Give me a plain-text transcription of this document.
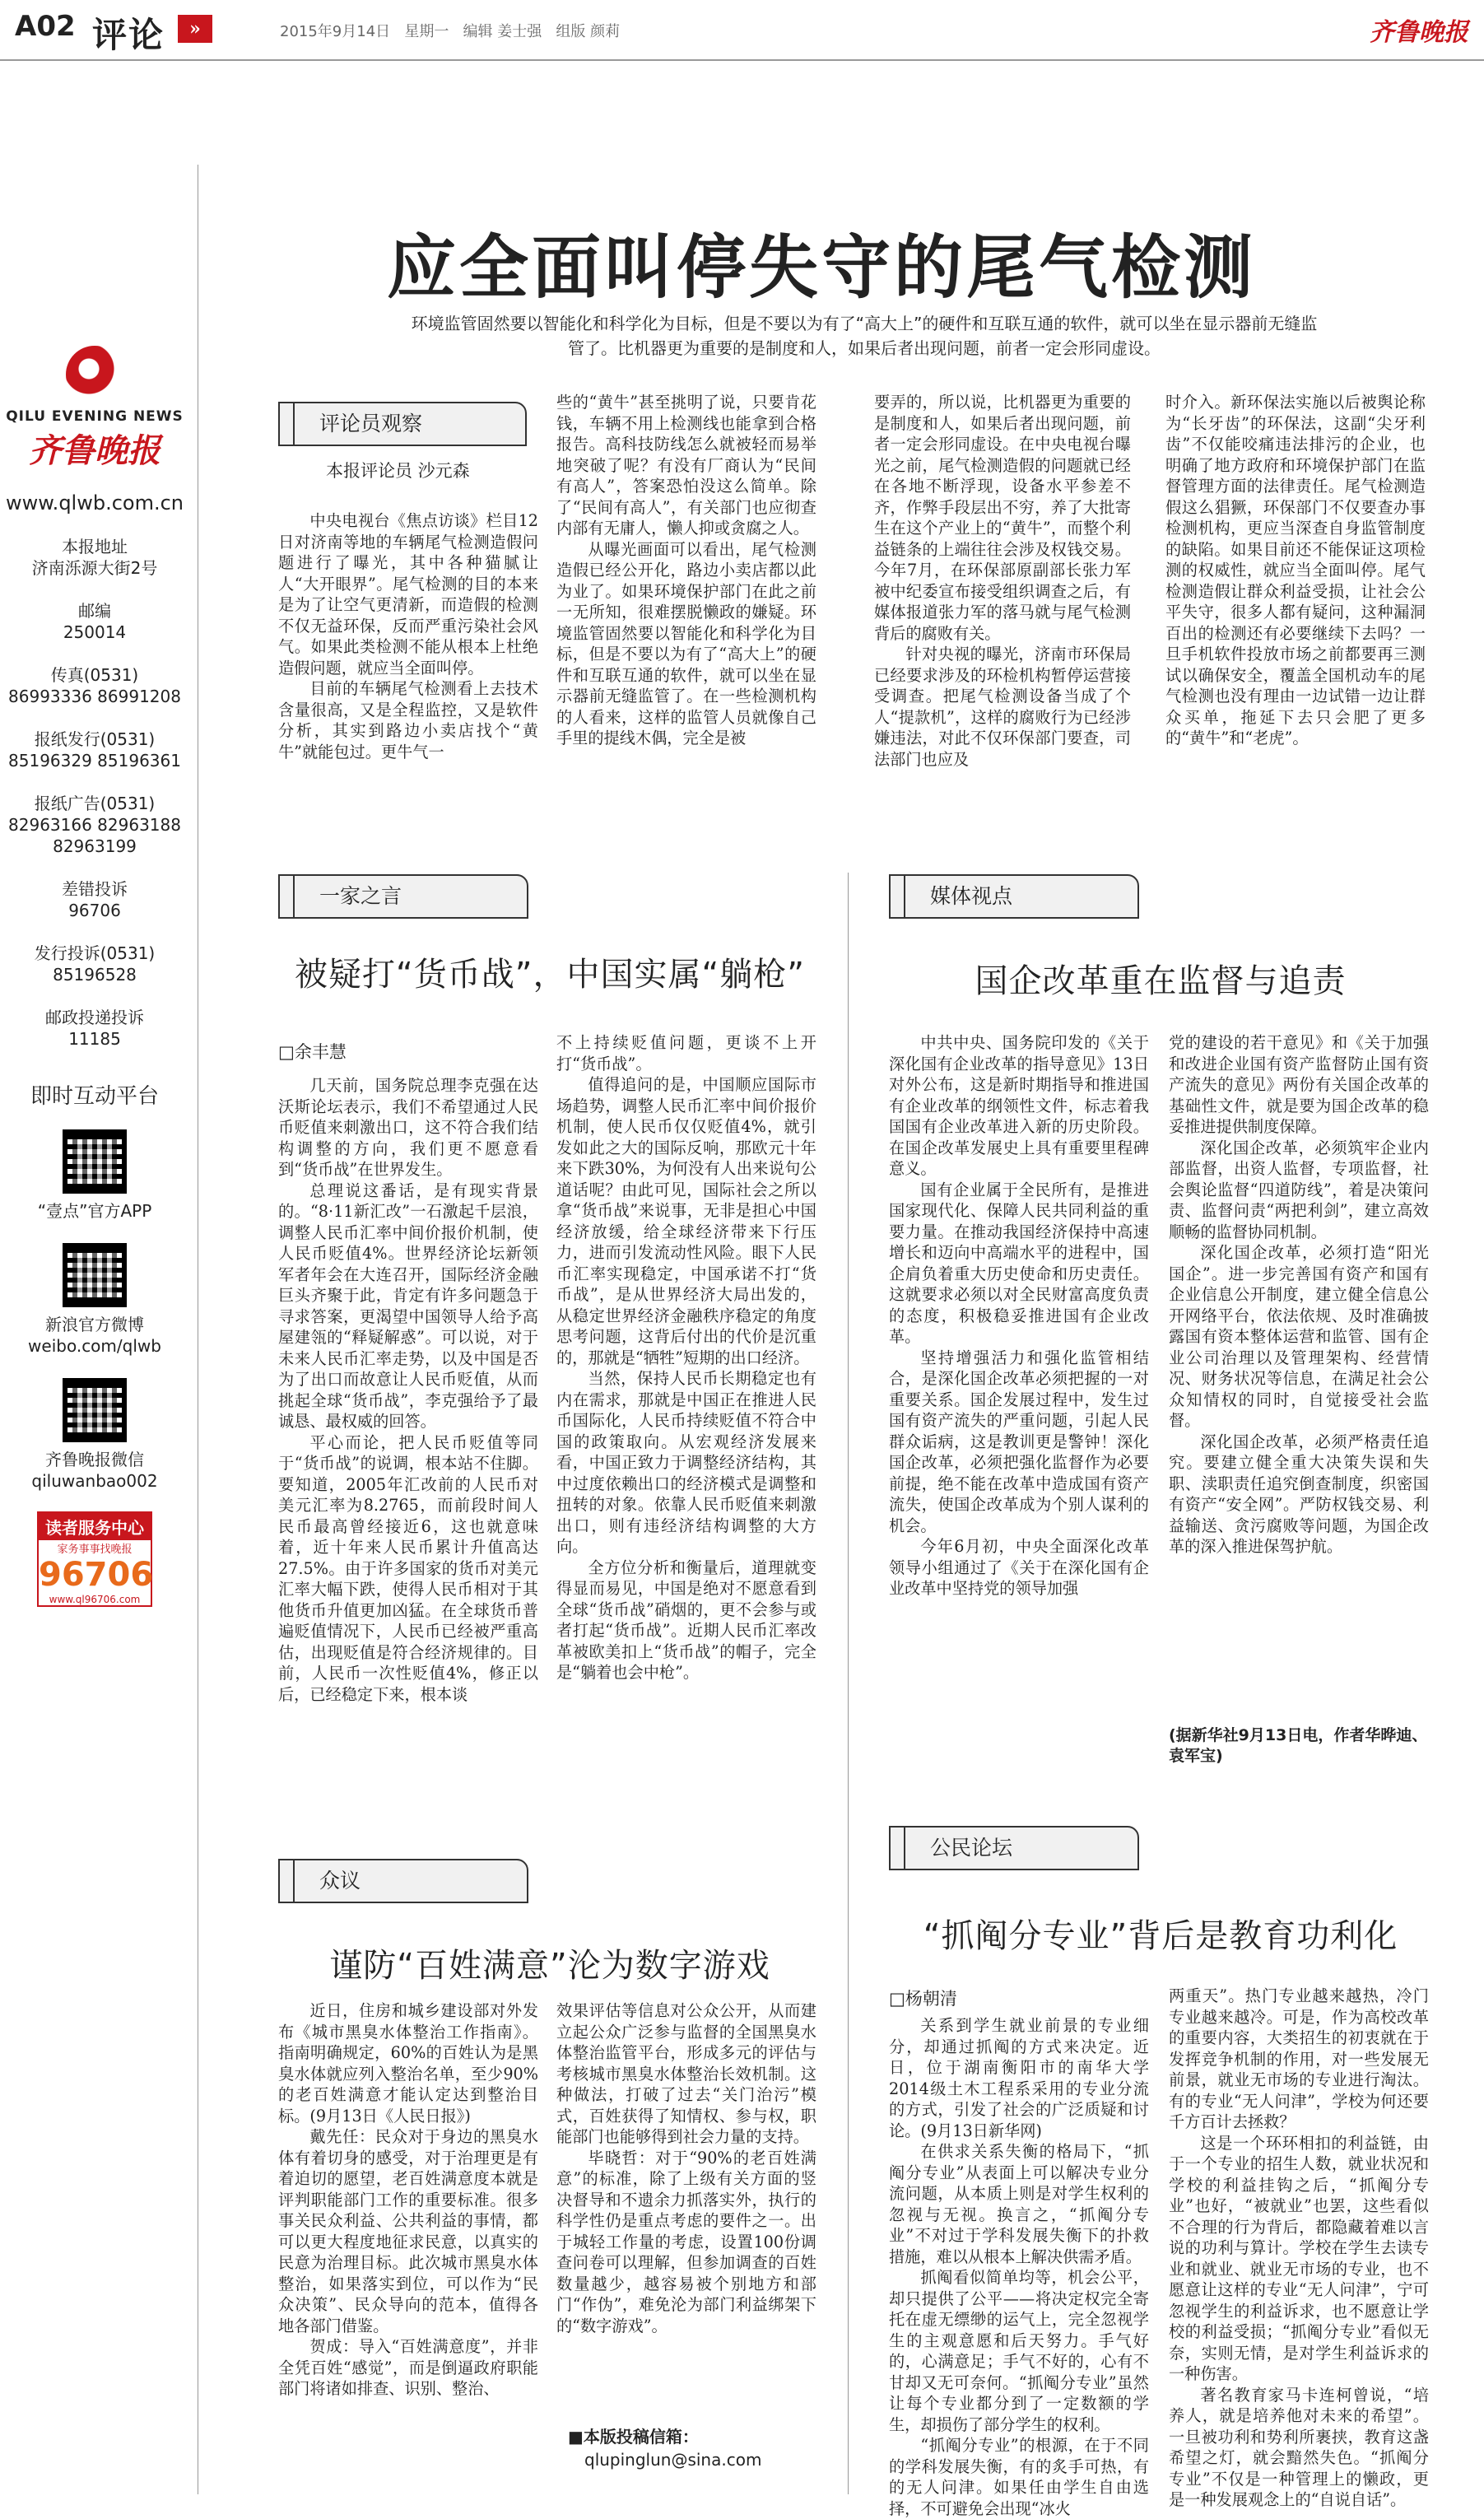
A02 评论	»	2015年9月14日   星期一   编辑 姜士强   组版 颜莉	齐鲁晚报
QILU EVENING NEWS
齐鲁晚报
www.qlwb.com.cn

本报地址

济南泺源大街2号

邮编

250014

传真(0531)

86993336 86991208

报纸发行(0531)

85196329 85196361

报纸广告(0531)

82963166 82963188

82963199

差错投诉

96706

发行投诉(0531)

85196528

邮政投递投诉

11185

即时互动平台

“壹点”官方APP

新浪官方微博

weibo.com/qlwb

齐鲁晚报微信

qiluwanbao002

读者服务中心
家务事事找晚报
96706
www.ql96706.com
应全面叫停失守的尾气检测
环境监管固然要以智能化和科学化为目标，但是不要以为有了“高大上”的硬件和互联互通的软件，就可以坐在显示器前无缝监管了。比机器更为重要的是制度和人，如果后者出现问题，前者一定会形同虚设。
评论员观察
本报评论员 沙元森
中央电视台《焦点访谈》栏目12日对济南等地的车辆尾气检测造假问题进行了曝光，其中各种猫腻让人“大开眼界”。尾气检测的目的本来是为了让空气更清新，而造假的检测不仅无益环保，反而严重污染社会风气。如果此类检测不能从根本上杜绝造假问题，就应当全面叫停。
目前的车辆尾气检测看上去技术含量很高，又是全程监控，又是软件分析，其实到路边小卖店找个“黄牛”就能包过。更牛气一
些的“黄牛”甚至挑明了说，只要肯花钱，车辆不用上检测线也能拿到合格报告。高科技防线怎么就被轻而易举地突破了呢？有没有厂商认为“民间有高人”，答案恐怕没这么简单。除了“民间有高人”，有关部门也应彻查内部有无庸人，懒人抑或贪腐之人。
从曝光画面可以看出，尾气检测造假已经公开化，路边小卖店都以此为业了。如果环境保护部门在此之前一无所知，很难摆脱懒政的嫌疑。环境监管固然要以智能化和科学化为目标，但是不要以为有了“高大上”的硬件和互联互通的软件，就可以坐在显示器前无缝监管了。在一些检测机构的人看来，这样的监管人员就像自己手里的提线木偶，完全是被
要弄的，所以说，比机器更为重要的是制度和人，如果后者出现问题，前者一定会形同虚设。在中央电视台曝光之前，尾气检测造假的问题就已经在各地不断浮现，设备水平参差不齐，作弊手段层出不穷，养了大批寄生在这个产业上的“黄牛”，而整个利益链条的上端往往会涉及权钱交易。今年7月，在环保部原副部长张力军被中纪委宣布接受组织调查之后，有媒体报道张力军的落马就与尾气检测背后的腐败有关。
针对央视的曝光，济南市环保局已经要求涉及的环检机构暂停运营接受调查。把尾气检测设备当成了个人“提款机”，这样的腐败行为已经涉嫌违法，对此不仅环保部门要查，司法部门也应及
时介入。新环保法实施以后被舆论称为“长牙齿”的环保法，这副“尖牙利齿”不仅能咬痛违法排污的企业，也明确了地方政府和环境保护部门在监督管理方面的法律责任。尾气检测造假这么猖獗，环保部门不仅要查办事检测机构，更应当深查自身监管制度的缺陷。如果目前还不能保证这项检测的权威性，就应当全面叫停。尾气检测造假让群众利益受损，让社会公平失守，很多人都有疑问，这种漏洞百出的检测还有必要继续下去吗？一旦手机软件投放市场之前都要再三测试以确保安全，覆盖全国机动车的尾气检测也没有理由一边试错一边让群众买单，拖延下去只会肥了更多的“黄牛”和“老虎”。
一家之言
被疑打“货币战”，中国实属“躺枪”
□余丰慧
几天前，国务院总理李克强在达沃斯论坛表示，我们不希望通过人民币贬值来刺激出口，这不符合我们结构调整的方向，我们更不愿意看到“货币战”在世界发生。
总理说这番话，是有现实背景的。“8·11新汇改”一石激起千层浪，调整人民币汇率中间价报价机制，使人民币贬值4%。世界经济论坛新领军者年会在大连召开，国际经济金融巨头齐聚于此，肯定有许多问题急于寻求答案，更渴望中国领导人给予高屋建瓴的“释疑解惑”。可以说，对于未来人民币汇率走势，以及中国是否为了出口而故意让人民币贬值，从而挑起全球“货币战”，李克强给予了最诚恳、最权威的回答。
平心而论，把人民币贬值等同于“货币战”的说调，根本站不住脚。要知道，2005年汇改前的人民币对美元汇率为8.2765，而前段时间人民币最高曾经接近6，这也就意味着，近十年来人民币累计升值高达27.5%。由于许多国家的货币对美元汇率大幅下跌，使得人民币相对于其他货币升值更加凶猛。在全球货币普遍贬值情况下，人民币已经被严重高估，出现贬值是符合经济规律的。目前，人民币一次性贬值4%，修正以后，已经稳定下来，根本谈
不上持续贬值问题，更谈不上开打“货币战”。
值得追问的是，中国顺应国际市场趋势，调整人民币汇率中间价报价机制，使人民币仅仅贬值4%，就引发如此之大的国际反响，那欧元十年来下跌30%，为何没有人出来说句公道话呢？由此可见，国际社会之所以拿“货币战”来说事，无非是担心中国经济放缓，给全球经济带来下行压力，进而引发流动性风险。眼下人民币汇率实现稳定，中国承诺不打“货币战”，是从世界经济大局出发的，从稳定世界经济金融秩序稳定的角度思考问题，这背后付出的代价是沉重的，那就是“牺牲”短期的出口经济。
当然，保持人民币长期稳定也有内在需求，那就是中国正在推进人民币国际化，人民币持续贬值不符合中国的政策取向。从宏观经济发展来看，中国正致力于调整经济结构，其中过度依赖出口的经济模式是调整和扭转的对象。依靠人民币贬值来刺激出口，则有违经济结构调整的大方向。
全方位分析和衡量后，道理就变得显而易见，中国是绝对不愿意看到全球“货币战”硝烟的，更不会参与或者打起“货币战”。近期人民币汇率改革被欧美扣上“货币战”的帽子，完全是“躺着也会中枪”。
媒体视点
国企改革重在监督与追责
中共中央、国务院印发的《关于深化国有企业改革的指导意见》13日对外公布，这是新时期指导和推进国有企业改革的纲领性文件，标志着我国国有企业改革进入新的历史阶段。在国企改革发展史上具有重要里程碑意义。
国有企业属于全民所有，是推进国家现代化、保障人民共同利益的重要力量。在推动我国经济保持中高速增长和迈向中高端水平的进程中，国企肩负着重大历史使命和历史责任。这就要求必须以对全民财富高度负责的态度，积极稳妥推进国有企业改革。
坚持增强活力和强化监管相结合，是深化国企改革必须把握的一对重要关系。国企发展过程中，发生过国有资产流失的严重问题，引起人民群众诟病，这是教训更是警钟！深化国企改革，必须把强化监督作为必要前提，绝不能在改革中造成国有资产流失，使国企改革成为个别人谋利的机会。
今年6月初，中央全面深化改革领导小组通过了《关于在深化国有企业改革中坚持党的领导加强
党的建设的若干意见》和《关于加强和改进企业国有资产监督防止国有资产流失的意见》两份有关国企改革的基础性文件，就是要为国企改革的稳妥推进提供制度保障。
深化国企改革，必须筑牢企业内部监督，出资人监督，专项监督，社会舆论监督“四道防线”，着是决策问责、监督问责“两把利剑”，建立高效顺畅的监督协同机制。
深化国企改革，必须打造“阳光国企”。进一步完善国有资产和国有企业信息公开制度，建立健全信息公开网络平台，依法依规、及时准确披露国有资本整体运营和监管、国有企业公司治理以及管理架构、经营情况、财务状况等信息，在满足社会公众知情权的同时，自觉接受社会监督。
深化国企改革，必须严格责任追究。要建立健全重大决策失误和失职、渎职责任追究倒查制度，织密国有资产“安全网”。严防权钱交易、利益输送、贪污腐败等问题，为国企改革的深入推进保驾护航。
(据新华社9月13日电，作者华晔迪、袁军宝)
公民论坛
“抓阄分专业”背后是教育功利化
□杨朝清
关系到学生就业前景的专业细分，却通过抓阄的方式来决定。近日，位于湖南衡阳市的南华大学2014级土木工程系采用的专业分流的方式，引发了社会的广泛质疑和讨论。(9月13日新华网)
在供求关系失衡的格局下，“抓阄分专业”从表面上可以解决专业分流问题，从本质上则是对学生权利的忽视与无视。换言之，“抓阄分专业”不对过于学科发展失衡下的扑救措施，难以从根本上解决供需矛盾。
抓阄看似简单均等，机会公平，却只提供了公平——将决定权完全寄托在虚无缥缈的运气上，完全忽视学生的主观意愿和后天努力。手气好的，心满意足；手气不好的，心有不甘却又无可奈何。“抓阄分专业”虽然让每个专业都分到了一定数额的学生，却损伤了部分学生的权利。
“抓阄分专业”的根源，在于不同的学科发展失衡，有的炙手可热，有的无人问津。如果任由学生自由选择，不可避免会出现“冰火
两重天”。热门专业越来越热，冷门专业越来越冷。可是，作为高校改革的重要内容，大类招生的初衷就在于发挥竞争机制的作用，对一些发展无前景，就业无市场的专业进行淘汰。有的专业“无人问津”，学校为何还要千方百计去拯救？
这是一个环环相扣的利益链，由于一个专业的招生人数，就业状况和学校的利益挂钩之后，“抓阄分专业”也好，“被就业”也罢，这些看似不合理的行为背后，都隐藏着难以言说的功利与算计。学校在学生去读专业和就业、就业无市场的专业，也不愿意让这样的专业“无人问津”，宁可忽视学生的利益诉求，也不愿意让学校的利益受损；“抓阄分专业”看似无奈，实则无情，是对学生利益诉求的一种伤害。
著名教育家马卡连柯曾说，“培养人，就是培养他对未来的希望”。一旦被功利和势利所裹挟，教育这盏希望之灯，就会黯然失色。“抓阄分专业”不仅是一种管理上的懒政，更是一种发展观念上的“自说自话”。
众议
谨防“百姓满意”沦为数字游戏
近日，住房和城乡建设部对外发布《城市黑臭水体整治工作指南》。指南明确规定，60%的百姓认为是黑臭水体就应列入整治名单，至少90%的老百姓满意才能认定达到整治目标。(9月13日《人民日报》)
戴先任：民众对于身边的黑臭水体有着切身的感受，对于治理更是有着迫切的愿望，老百姓满意度本就是评判职能部门工作的重要标准。很多事关民众利益、公共利益的事情，都可以更大程度地征求民意，以真实的民意为治理目标。此次城市黑臭水体整治，如果落实到位，可以作为“民众决策”、民众导向的范本，值得各地各部门借鉴。
贺成：导入“百姓满意度”，并非全凭百姓“感觉”，而是倒逼政府职能部门将诸如排查、识别、整治、
效果评估等信息对公众公开，从而建立起公众广泛参与监督的全国黑臭水体整治监管平台，形成多元的评估与考核城市黑臭水体整治长效机制。这种做法，打破了过去“关门治污”模式，百姓获得了知情权、参与权，职能部门也能够得到社会力量的支持。
毕晓哲：对于“90%的老百姓满意”的标准，除了上级有关方面的竖决督导和不遗余力抓落实外，执行的科学性仍是重点考虑的要件之一。出于城轻工作量的考虑，设置100份调查问卷可以理解，但参加调查的百姓数量越少，越容易被个别地方和部门“作伪”，难免沦为部门利益绑架下的“数字游戏”。
■本版投稿信箱：
qlupinglun@sina.com
